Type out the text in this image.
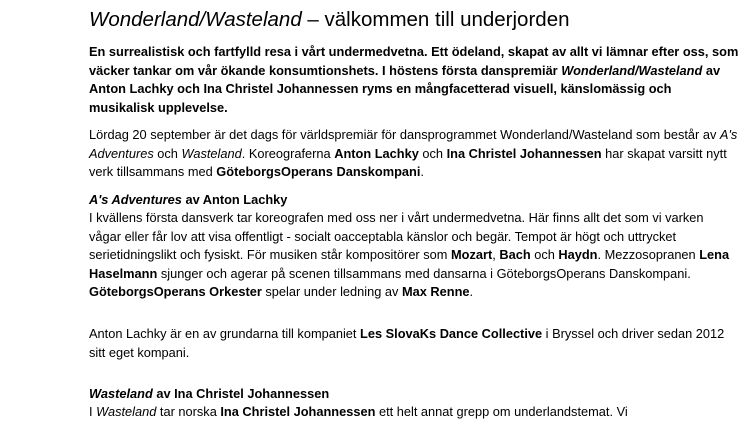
Wonderland/Wasteland – välkommen till underjorden

En surrealistisk och fartfylld resa i vårt undermedvetna. Ett ödeland, skapat av allt vi lämnar efter oss, som väcker tankar om vår ökande konsumtionshets. I höstens första danspremiär Wonderland/Wasteland av Anton Lachky och Ina Christel Johannessen ryms en mångfacetterad visuell, känslomässig och musikalisk upplevelse.

Lördag 20 september är det dags för världspremiär för dansprogrammet Wonderland/Wasteland som består av A's Adventures och Wasteland. Koreograferna Anton Lachky och Ina Christel Johannessen har skapat varsitt nytt verk tillsammans med GöteborgsOperans Danskompani.

A's Adventures av Anton Lachky

I kvällens första dansverk tar koreografen med oss ner i vårt undermedvetna. Här finns allt det som vi varken vågar eller får lov att visa offentligt - socialt oacceptabla känslor och begär. Tempot är högt och uttrycket serietidningslikt och fysiskt. För musiken står kompositörer som Mozart, Bach och Haydn. Mezzosopranen Lena Haselmann sjunger och agerar på scenen tillsammans med dansarna i GöteborgsOperans Danskompani. GöteborgsOperans Orkester spelar under ledning av Max Renne.

Anton Lachky är en av grundarna till kompaniet Les SlovaKs Dance Collective i Bryssel och driver sedan 2012 sitt eget kompani.

Wasteland av Ina Christel Johannessen

I Wasteland tar norska Ina Christel Johannessen ett helt annat grepp om underlandstemat. Vi
